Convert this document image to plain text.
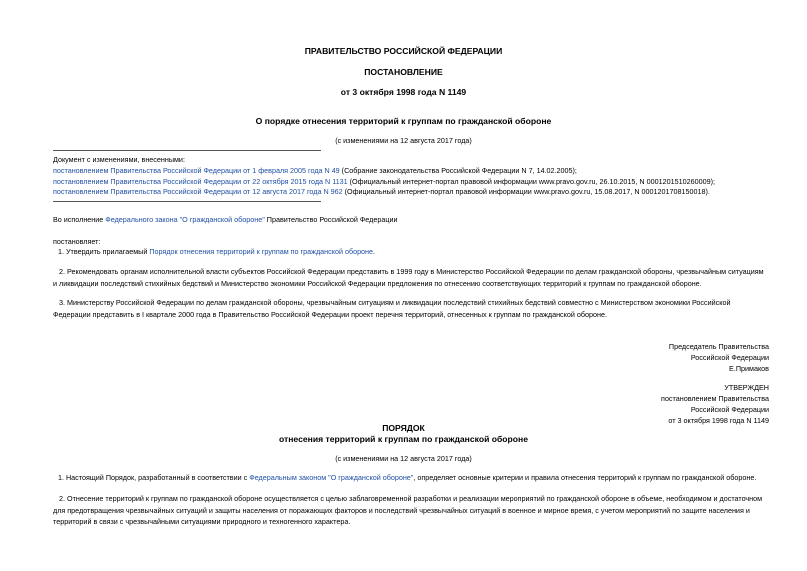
ПРАВИТЕЛЬСТВО РОССИЙСКОЙ ФЕДЕРАЦИИ
ПОСТАНОВЛЕНИЕ
от 3 октября 1998 года N 1149
О порядке отнесения территорий к группам по гражданской обороне
(с изменениями на 12 августа 2017 года)
Документ с изменениями, внесенными:
постановлением Правительства Российской Федерации от 1 февраля 2005 года N 49 (Собрание законодательства Российской Федерации N 7, 14.02.2005);
постановлением Правительства Российской Федерации от 22 октября 2015 года N 1131 (Официальный интернет-портал правовой информации www.pravo.gov.ru, 26.10.2015, N 0001201510260009);
постановлением Правительства Российской Федерации от 12 августа 2017 года N 962 (Официальный интернет-портал правовой информации www.pravo.gov.ru, 15.08.2017, N 0001201708150018).
Во исполнение Федерального закона "О гражданской обороне" Правительство Российской Федерации
постановляет:
1. Утвердить прилагаемый Порядок отнесения территорий к группам по гражданской обороне.
2. Рекомендовать органам исполнительной власти субъектов Российской Федерации представить в 1999 году в Министерство Российской Федерации по делам гражданской обороны, чрезвычайным ситуациям и ликвидации последствий стихийных бедствий и Министерство экономики Российской Федерации предложения по отнесению соответствующих территорий к группам по гражданской обороне.
3. Министерству Российской Федерации по делам гражданской обороны, чрезвычайным ситуациям и ликвидации последствий стихийных бедствий совместно с Министерством экономики Российской Федерации представить в I квартале 2000 года в Правительство Российской Федерации проект перечня территорий, отнесенных к группам по гражданской обороне.
Председатель Правительства
Российской Федерации
Е.Примаков
УТВЕРЖДЕН
постановлением Правительства
Российской Федерации
от 3 октября 1998 года N 1149
ПОРЯДОК
отнесения территорий к группам по гражданской обороне
(с изменениями на 12 августа 2017 года)
1. Настоящий Порядок, разработанный в соответствии с Федеральным законом "О гражданской обороне", определяет основные критерии и правила отнесения территорий к группам по гражданской обороне.
2. Отнесение территорий к группам по гражданской обороне осуществляется с целью заблаговременной разработки и реализации мероприятий по гражданской обороне в объеме, необходимом и достаточном для предотвращения чрезвычайных ситуаций и защиты населения от поражающих факторов и последствий чрезвычайных ситуаций в военное и мирное время, с учетом мероприятий по защите населения и территорий в связи с чрезвычайными ситуациями природного и техногенного характера.
